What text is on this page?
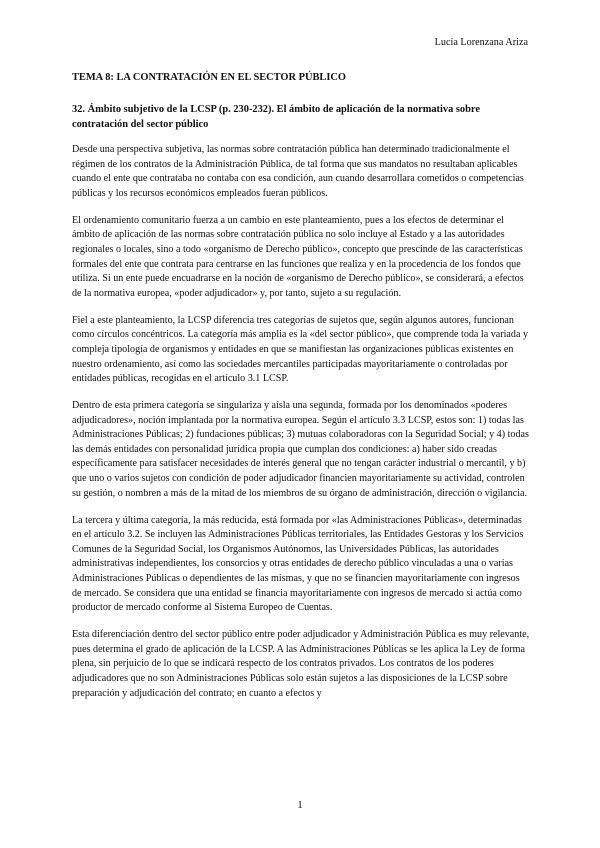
Lucía Lorenzana Ariza
TEMA 8: LA CONTRATACIÓN EN EL SECTOR PÚBLICO
32. Ámbito subjetivo de la LCSP (p. 230-232). El ámbito de aplicación de la normativa sobre contratación del sector público

Desde una perspectiva subjetiva, las normas sobre contratación pública han determinado tradicionalmente el régimen de los contratos de la Administración Pública, de tal forma que sus mandatos no resultaban aplicables cuando el ente que contrataba no contaba con esa condición, aun cuando desarrollara cometidos o competencias públicas y los recursos económicos empleados fueran públicos.

El ordenamiento comunitario fuerza a un cambio en este planteamiento, pues a los efectos de determinar el ámbito de aplicación de las normas sobre contratación pública no solo incluye al Estado y a las autoridades regionales o locales, sino a todo «organismo de Derecho público», concepto que prescinde de las características formales del ente que contrata para centrarse en las funciones que realiza y en la procedencia de los fondos que utiliza. Si un ente puede encuadrarse en la noción de «organismo de Derecho público», se considerará, a efectos de la normativa europea, «poder adjudicador» y, por tanto, sujeto a su regulación.

Fiel a este planteamiento, la LCSP diferencia tres categorías de sujetos que, según algunos autores, funcionan como círculos concéntricos. La categoría más amplia es la «del sector público», que comprende toda la variada y compleja tipología de organismos y entidades en que se manifiestan las organizaciones públicas existentes en nuestro ordenamiento, así como las sociedades mercantiles participadas mayoritariamente o controladas por entidades públicas, recogidas en el artículo 3.1 LCSP.

Dentro de esta primera categoría se singulariza y aísla una segunda, formada por los denominados «poderes adjudicadores», noción implantada por la normativa europea. Según el artículo 3.3 LCSP, estos son: 1) todas las Administraciones Públicas; 2) fundaciones públicas; 3) mutuas colaboradoras con la Seguridad Social; y 4) todas las demás entidades con personalidad jurídica propia que cumplan dos condiciones: a) haber sido creadas específicamente para satisfacer necesidades de interés general que no tengan carácter industrial o mercantil, y b) que uno o varios sujetos con condición de poder adjudicador financien mayoritariamente su actividad, controlen su gestión, o nombren a más de la mitad de los miembros de su órgano de administración, dirección o vigilancia.

La tercera y última categoría, la más reducida, está formada por «las Administraciones Públicas», determinadas en el artículo 3.2. Se incluyen las Administraciones Públicas territoriales, las Entidades Gestoras y los Servicios Comunes de la Seguridad Social, los Organismos Autónomos, las Universidades Públicas, las autoridades administrativas independientes, los consorcios y otras entidades de derecho público vinculadas a una o varias Administraciones Públicas o dependientes de las mismas, y que no se financien mayoritariamente con ingresos de mercado. Se considera que una entidad se financia mayoritariamente con ingresos de mercado si actúa como productor de mercado conforme al Sistema Europeo de Cuentas.

Esta diferenciación dentro del sector público entre poder adjudicador y Administración Pública es muy relevante, pues determina el grado de aplicación de la LCSP. A las Administraciones Públicas se les aplica la Ley de forma plena, sin perjuicio de lo que se indicará respecto de los contratos privados. Los contratos de los poderes adjudicadores que no son Administraciones Públicas solo están sujetos a las disposiciones de la LCSP sobre preparación y adjudicación del contrato; en cuanto a efectos y

1
